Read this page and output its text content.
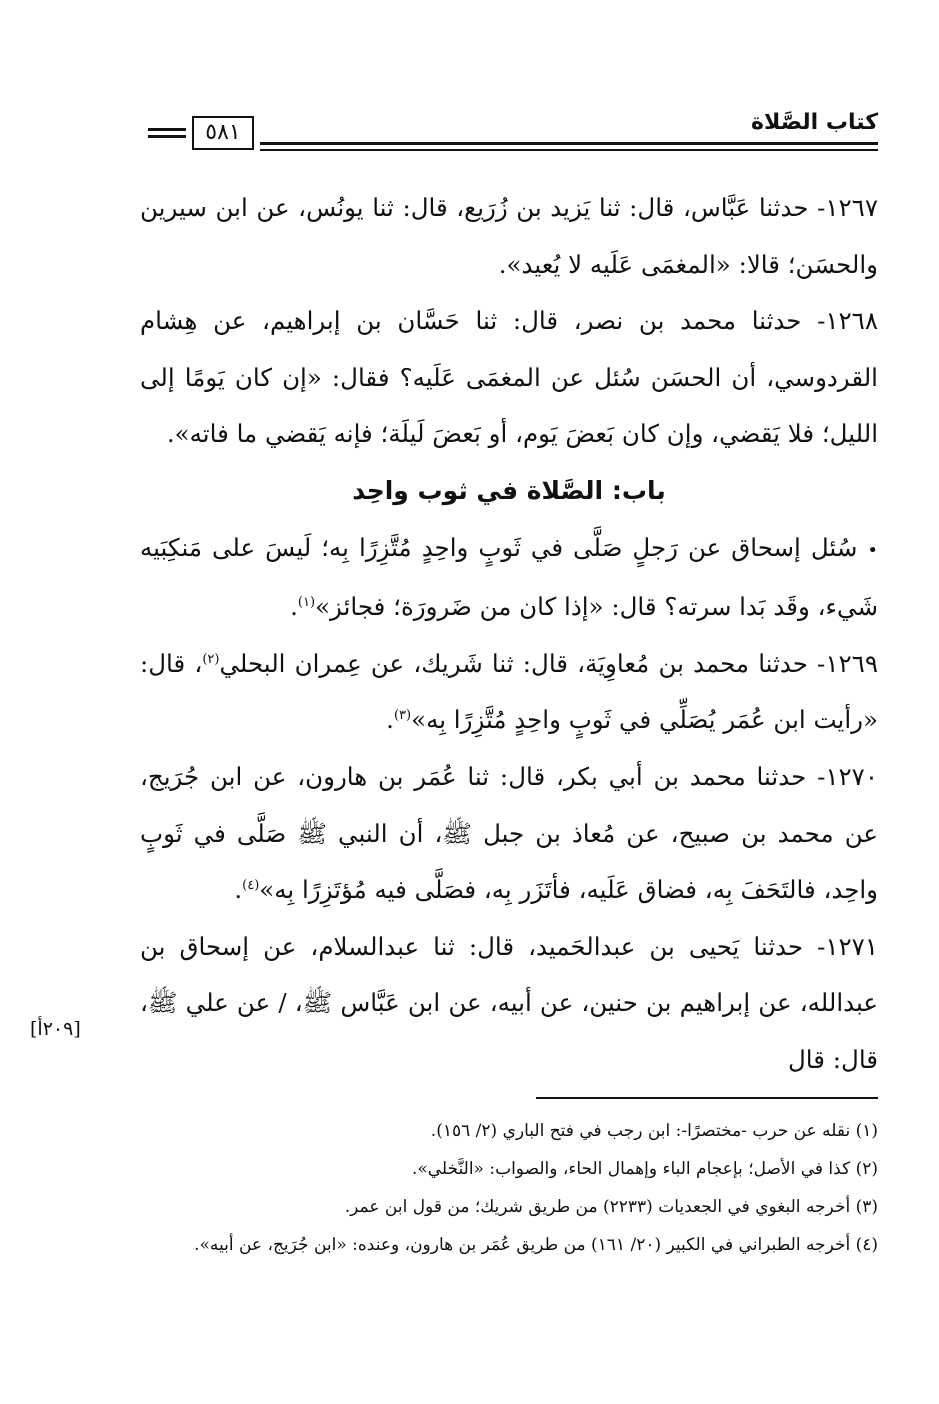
٥٨١	كتاب الصَّلاة

١٢٦٧- حدثنا عَبَّاس، قال: ثنا يَزيد بن زُرَيع، قال: ثنا يونُس، عن ابن سيرين والحسَن؛ قالا: «المغمَى عَلَيه لا يُعيد».

١٢٦٨- حدثنا محمد بن نصر، قال: ثنا حَسَّان بن إبراهيم، عن هِشام القردوسي، أن الحسَن سُئل عن المغمَى عَلَيه؟ فقال: «إن كان يَومًا إلى الليل؛ فلا يَقضي، وإن كان بَعضَ يَوم، أو بَعضَ لَيلَة؛ فإنه يَقضي ما فاته».

باب: الصَّلاة في ثوب واحِد

• سُئل إسحاق عن رَجلٍ صَلَّى في ثَوبٍ واحِدٍ مُتَّزِرًا بِه؛ لَيسَ على مَنكِبَيه شَيء، وقَد بَدا سرته؟ قال: «إذا كان من ضَرورَة؛ فجائز»$^{(١)}$.

١٢٦٩- حدثنا محمد بن مُعاوِيَة، قال: ثنا شَريك، عن عِمران البحلي$^{(٢)}$، قال: «رأيت ابن عُمَر يُصَلِّي في ثَوبٍ واحِدٍ مُتَّزِرًا بِه»$^{(٣)}$.

١٢٧٠- حدثنا محمد بن أبي بكر، قال: ثنا عُمَر بن هارون، عن ابن جُرَيج، عن محمد بن صبيح، عن مُعاذ بن جبل ﷺ، أن النبي ﷺ صَلَّى في ثَوبٍ واحِد، فالتَحَفَ بِه، فضاق عَلَيه، فأتَزَر بِه، فصَلَّى فيه مُؤتَزِرًا بِه»$^{(٤)}$.

١٢٧١- حدثنا يَحيى بن عبدالحَميد، قال: ثنا عبدالسلام، عن إسحاق بن عبدالله، عن إبراهيم بن حنين، عن أبيه، عن ابن عَبَّاس ﷺ، / عن علي ﷺ، قال: قال

[٢٠٩أ]

(١) نقله عن حرب -مختصرًا-: ابن رجب في فتح الباري (٢/ ١٥٦).

(٢) كذا في الأصل؛ بإعجام الباء وإهمال الحاء، والصواب: «النَّخلي».

(٣) أخرجه البغوي في الجعديات (٢٢٣٣) من طريق شريك؛ من قول ابن عمر.

(٤) أخرجه الطبراني في الكبير (٢٠/ ١٦١) من طريق عُمَر بن هارون، وعنده: «ابن جُرَيج، عن أبيه».
